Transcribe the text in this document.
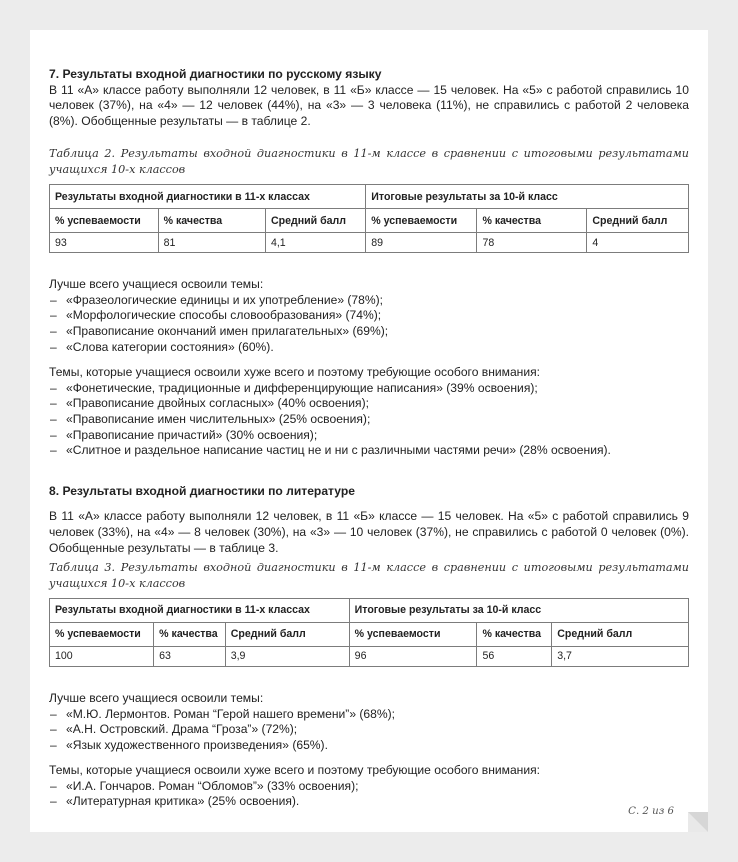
7. Результаты входной диагностики по русскому языку

В 11 «А» классе работу выполняли 12 человек, в 11 «Б» классе — 15 человек. На «5» с работой справились 10 человек (37%), на «4» — 12 человек (44%), на «3» — 3 человека (11%), не справились с работой 2 человека (8%). Обобщенные результаты — в таблице 2.

Таблица 2. Результаты входной диагностики в 11-м классе в сравнении с итоговыми результатами учащихся 10-х классов

Результаты входной диагностики в 11-х классах			Итоговые результаты за 10-й класс		
% успеваемости	% качества	Средний балл	% успеваемости	% качества	Средний балл
93	81	4,1	89	78	4

Лучше всего учащиеся освоили темы:

– «Фразеологические единицы и их употребление» (78%);
– «Морфологические способы словообразования» (74%);
– «Правописание окончаний имен прилагательных» (69%);
– «Слова категории состояния» (60%).

Темы, которые учащиеся освоили хуже всего и поэтому требующие особого внимания:

– «Фонетические, традиционные и дифференцирующие написания» (39% освоения);
– «Правописание двойных согласных» (40% освоения);
– «Правописание имен числительных» (25% освоения);
– «Правописание причастий» (30% освоения);
– «Слитное и раздельное написание частиц не и ни с различными частями речи» (28% освоения).
8. Результаты входной диагностики по литературе

В 11 «А» классе работу выполняли 12 человек, в 11 «Б» классе — 15 человек. На «5» с работой справились 9 человек (33%), на «4» — 8 человек (30%), на «3» — 10 человек (37%), не справились с работой 0 человек (0%). Обобщенные результаты — в таблице 3.

Таблица 3. Результаты входной диагностики в 11-м классе в сравнении с итоговыми результатами учащихся 10-х классов

Результаты входной диагностики в 11-х классах			Итоговые результаты за 10-й класс		
% успеваемости	% качества	Средний балл	% успеваемости	% качества	Средний балл
100	63	3,9	96	56	3,7

Лучше всего учащиеся освоили темы:

– «М.Ю. Лермонтов. Роман “Герой нашего времени”» (68%);
– «А.Н. Островский. Драма “Гроза”» (72%);
– «Язык художественного произведения» (65%).

Темы, которые учащиеся освоили хуже всего и поэтому требующие особого внимания:

– «И.А. Гончаров. Роман “Обломов”» (33% освоения);
– «Литературная критика» (25% освоения).
С. 2 из 6
